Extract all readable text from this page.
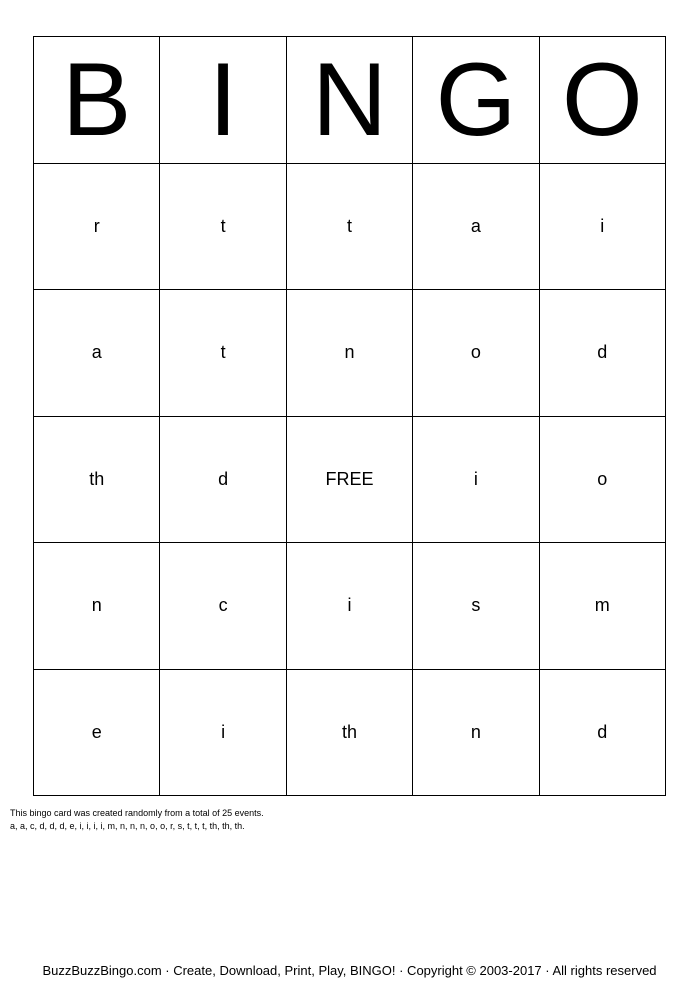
B I N G O
r	t	t	a	i
a	t	n	o	d
th	d	FREE	i	o
n	c	i	s	m
e	i	th	n	d
This bingo card was created randomly from a total of 25 events.
a, a, c, d, d, d, e, i, i, i, i, m, n, n, n, o, o, r, s, t, t, t, th, th, th.
BuzzBuzzBingo.com · Create, Download, Print, Play, BINGO! · Copyright © 2003-2017 · All rights reserved
